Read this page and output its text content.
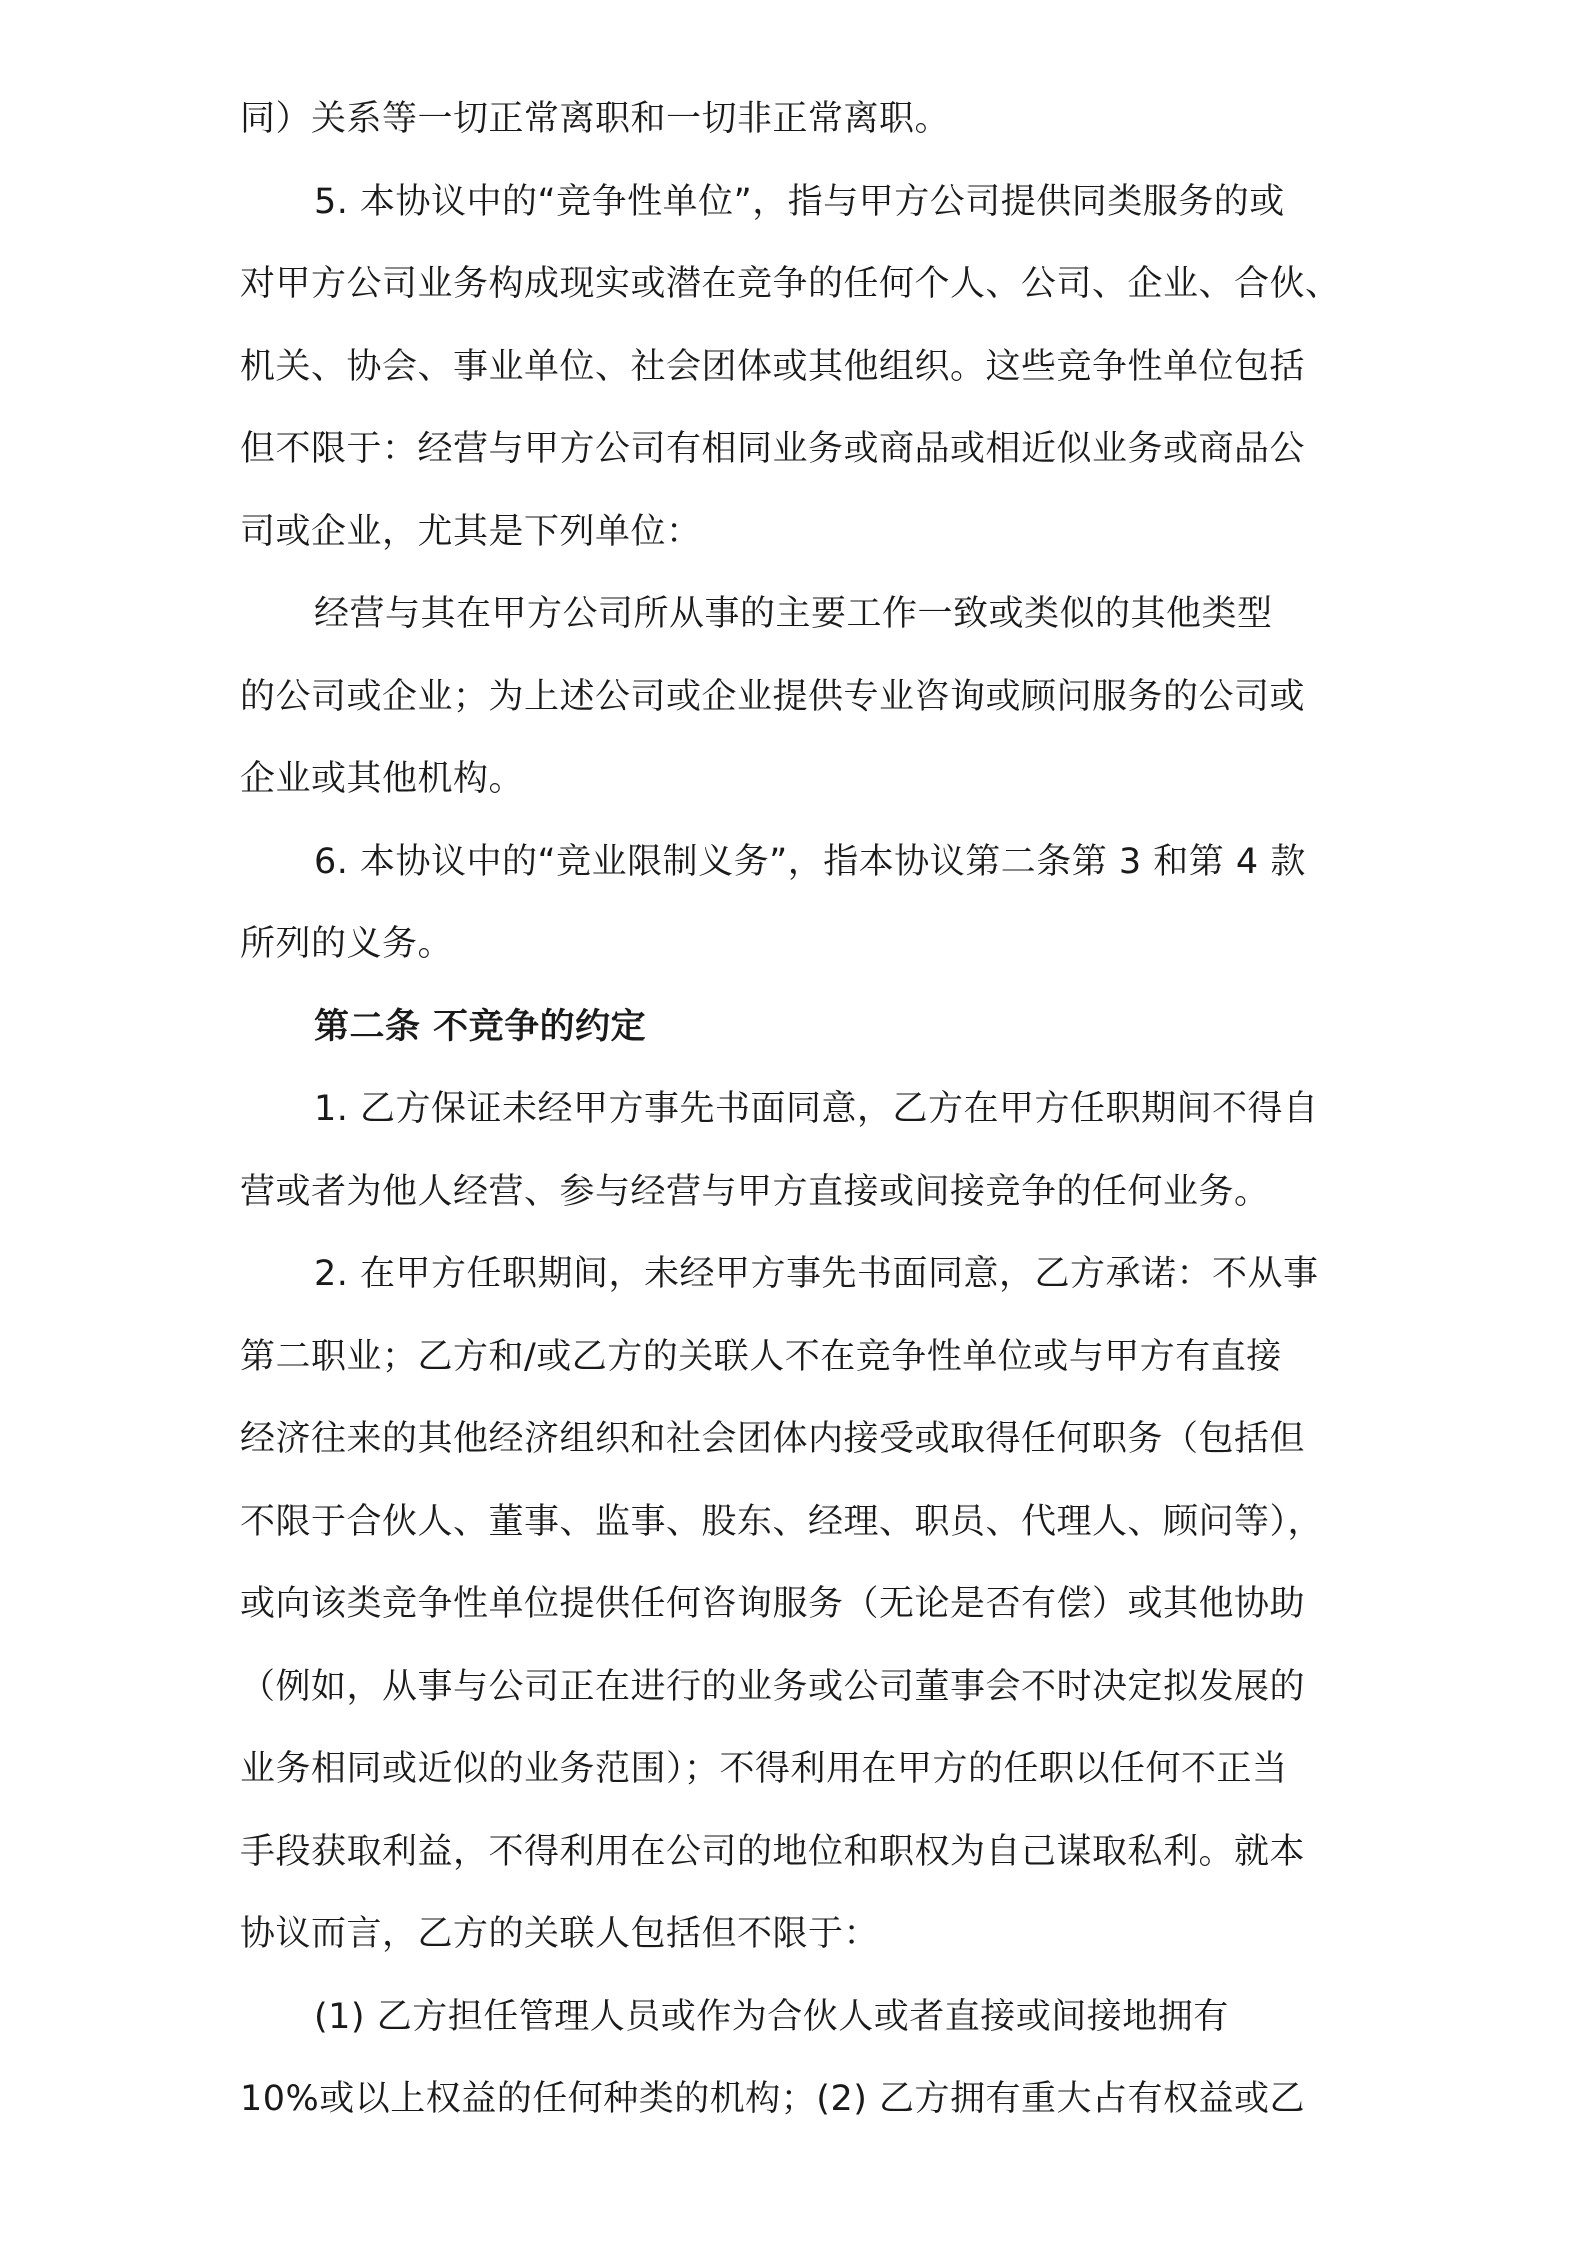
同）关系等一切正常离职和一切非正常离职。
5. 本协议中的“竞争性单位”，指与甲方公司提供同类服务的或
对甲方公司业务构成现实或潜在竞争的任何个人、公司、企业、合伙、
机关、协会、事业单位、社会团体或其他组织。这些竞争性单位包括
但不限于：经营与甲方公司有相同业务或商品或相近似业务或商品公
司或企业，尤其是下列单位：
经营与其在甲方公司所从事的主要工作一致或类似的其他类型
的公司或企业；为上述公司或企业提供专业咨询或顾问服务的公司或
企业或其他机构。
6. 本协议中的“竞业限制义务”，指本协议第二条第 3 和第 4 款
所列的义务。
第二条 不竞争的约定
1. 乙方保证未经甲方事先书面同意，乙方在甲方任职期间不得自
营或者为他人经营、参与经营与甲方直接或间接竞争的任何业务。
2. 在甲方任职期间，未经甲方事先书面同意，乙方承诺：不从事
第二职业；乙方和/或乙方的关联人不在竞争性单位或与甲方有直接
经济往来的其他经济组织和社会团体内接受或取得任何职务（包括但
不限于合伙人、董事、监事、股东、经理、职员、代理人、顾问等），
或向该类竞争性单位提供任何咨询服务（无论是否有偿）或其他协助
（例如，从事与公司正在进行的业务或公司董事会不时决定拟发展的
业务相同或近似的业务范围）；不得利用在甲方的任职以任何不正当
手段获取利益，不得利用在公司的地位和职权为自己谋取私利。就本
协议而言，乙方的关联人包括但不限于：
(1) 乙方担任管理人员或作为合伙人或者直接或间接地拥有
10%或以上权益的任何种类的机构；(2) 乙方拥有重大占有权益或乙
